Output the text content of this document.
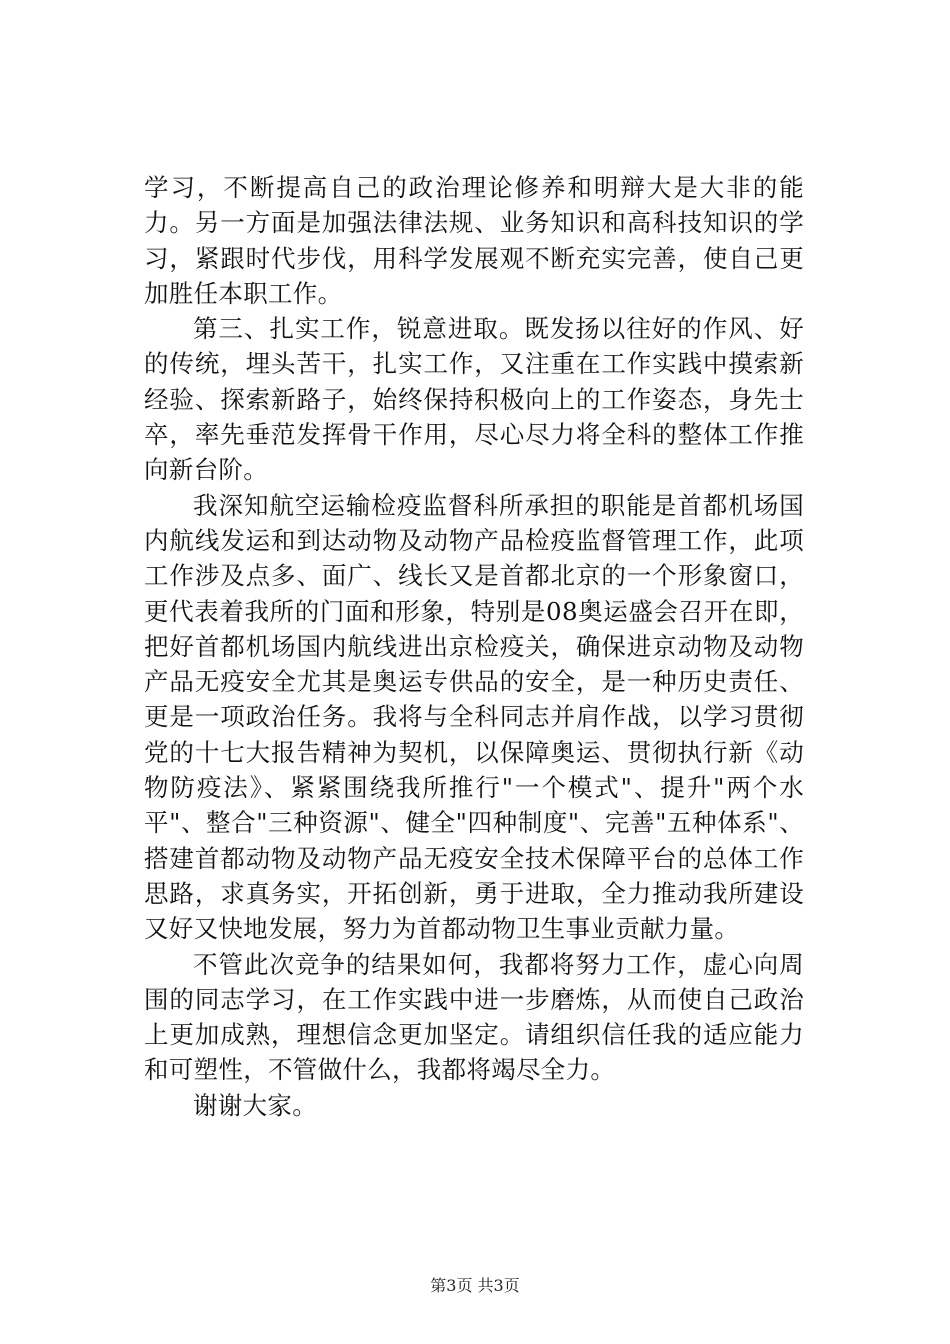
学习，不断提高自己的政治理论修养和明辩大是大非的能力。另一方面是加强法律法规、业务知识和高科技知识的学习，紧跟时代步伐，用科学发展观不断充实完善，使自己更加胜任本职工作。

第三、扎实工作，锐意进取。既发扬以往好的作风、好的传统，埋头苦干，扎实工作，又注重在工作实践中摸索新经验、探索新路子，始终保持积极向上的工作姿态，身先士卒，率先垂范发挥骨干作用，尽心尽力将全科的整体工作推向新台阶。

我深知航空运输检疫监督科所承担的职能是首都机场国内航线发运和到达动物及动物产品检疫监督管理工作，此项工作涉及点多、面广、线长又是首都北京的一个形象窗口，更代表着我所的门面和形象，特别是08奥运盛会召开在即，把好首都机场国内航线进出京检疫关，确保进京动物及动物产品无疫安全尤其是奥运专供品的安全，是一种历史责任、更是一项政治任务。我将与全科同志并肩作战，以学习贯彻党的十七大报告精神为契机，以保障奥运、贯彻执行新《动物防疫法》、紧紧围绕我所推行"一个模式"、提升"两个水平"、整合"三种资源"、健全"四种制度"、完善"五种体系"、搭建首都动物及动物产品无疫安全技术保障平台的总体工作思路，求真务实，开拓创新，勇于进取，全力推动我所建设又好又快地发展，努力为首都动物卫生事业贡献力量。

不管此次竞争的结果如何，我都将努力工作，虚心向周围的同志学习，在工作实践中进一步磨炼，从而使自己政治上更加成熟，理想信念更加坚定。请组织信任我的适应能力和可塑性，不管做什么，我都将竭尽全力。

谢谢大家。

第3页 共3页
